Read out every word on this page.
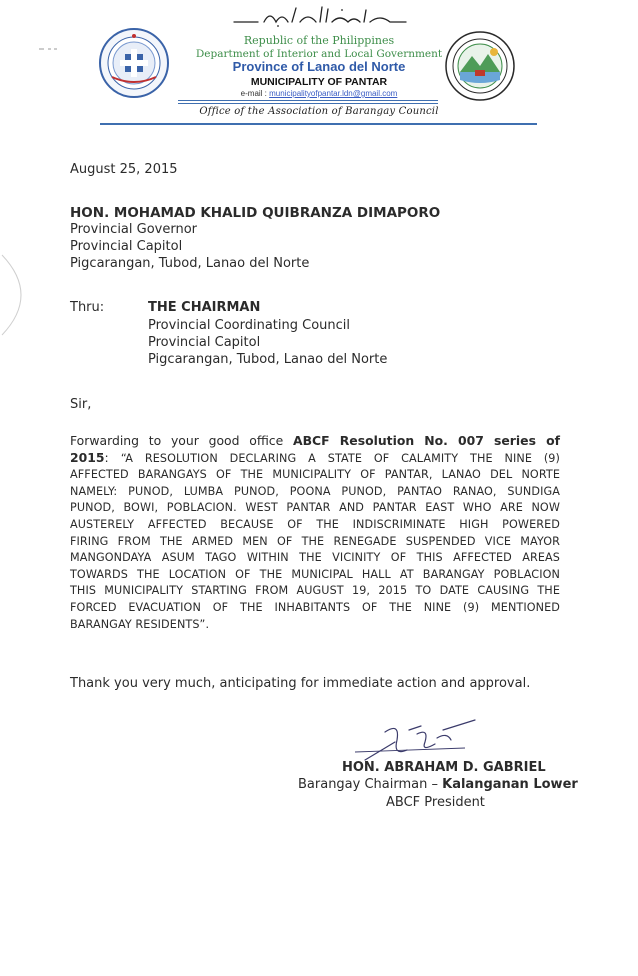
Republic of the Philippines
Department of Interior and Local Government
Province of Lanao del Norte
MUNICIPALITY OF PANTAR
e-mail : municipalityofpantar.ldn@gmail.com
Office of the Association of Barangay Council
August 25, 2015
HON. MOHAMAD KHALID QUIBRANZA DIMAPORO
Provincial Governor
Provincial Capitol
Pigcarangan, Tubod, Lanao del Norte
Thru:	THE CHAIRMAN
Provincial Coordinating Council
Provincial Capitol
Pigcarangan, Tubod, Lanao del Norte
Sir,
Forwarding to your good office ABCF Resolution No. 007 series of
2015: “A RESOLUTION DECLARING A STATE OF CALAMITY THE NINE (9)
AFFECTED BARANGAYS OF THE MUNICIPALITY OF PANTAR, LANAO DEL NORTE
NAMELY: PUNOD, LUMBA PUNOD, POONA PUNOD, PANTAO RANAO, SUNDIGA
PUNOD, BOWI, POBLACION. WEST PANTAR AND PANTAR EAST WHO ARE NOW
AUSTERELY AFFECTED BECAUSE OF THE INDISCRIMINATE HIGH POWERED
FIRING FROM THE ARMED MEN OF THE RENEGADE SUSPENDED VICE MAYOR
MANGONDAYA ASUM TAGO WITHIN THE VICINITY OF THIS AFFECTED AREAS
TOWARDS THE LOCATION OF THE MUNICIPAL HALL AT BARANGAY POBLACION
THIS MUNICIPALITY STARTING FROM AUGUST 19, 2015 TO DATE CAUSING THE
FORCED EVACUATION OF THE INHABITANTS OF THE NINE (9) MENTIONED
BARANGAY RESIDENTS”.
Thank you very much, anticipating for immediate action and approval.
HON. ABRAHAM D. GABRIEL
Barangay Chairman – Kalanganan Lower
ABCF President
